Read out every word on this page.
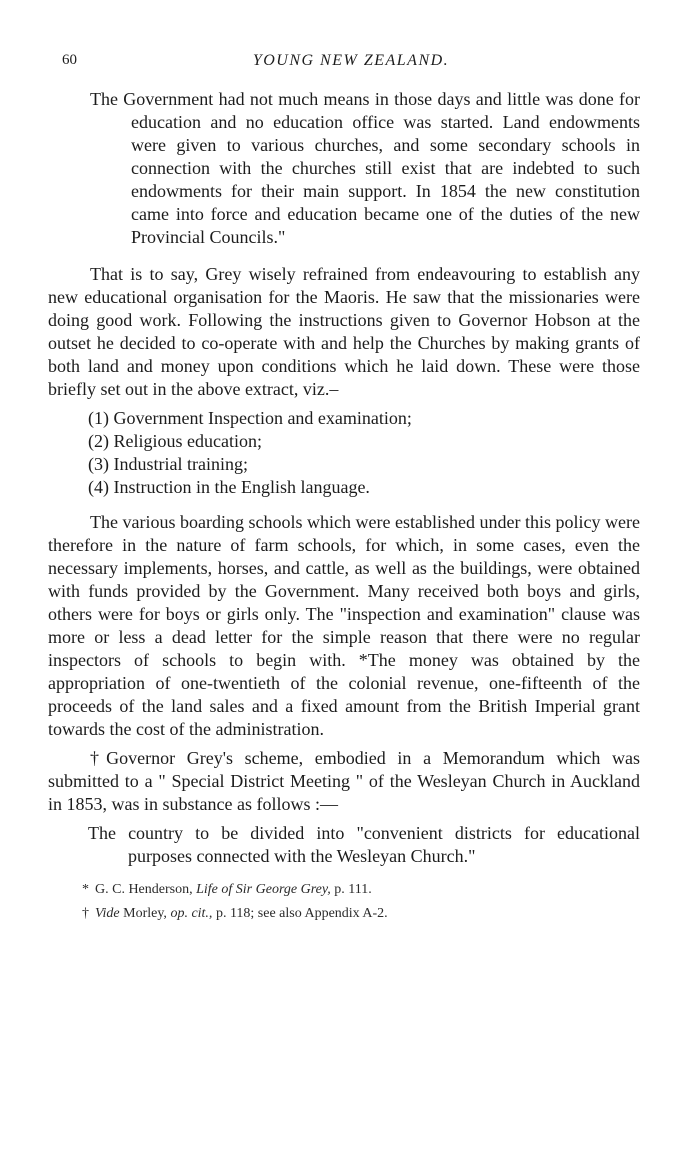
60	YOUNG NEW ZEALAND.

The Government had not much means in those days and little was done for education and no education office was started. Land endowments were given to various churches, and some secondary schools in connection with the churches still exist that are indebted to such endowments for their main support. In 1854 the new constitution came into force and education became one of the duties of the new Provincial Councils."

That is to say, Grey wisely refrained from endeavouring to establish any new educational organisation for the Maoris. He saw that the missionaries were doing good work. Following the instructions given to Governor Hobson at the outset he decided to co-operate with and help the Churches by making grants of both land and money upon conditions which he laid down. These were those briefly set out in the above extract, viz.–

(1) Government Inspection and examination;
(2) Religious education;
(3) Industrial training;
(4) Instruction in the English language.

The various boarding schools which were established under this policy were therefore in the nature of farm schools, for which, in some cases, even the necessary implements, horses, and cattle, as well as the buildings, were obtained with funds provided by the Government. Many received both boys and girls, others were for boys or girls only. The "inspection and examination" clause was more or less a dead letter for the simple reason that there were no regular inspectors of schools to begin with. *The money was obtained by the appropriation of one-twentieth of the colonial revenue, one-fifteenth of the proceeds of the land sales and a fixed amount from the British Imperial grant towards the cost of the administration.

†Governor Grey's scheme, embodied in a Memorandum which was submitted to a " Special District Meeting " of the Wesleyan Church in Auckland in 1853, was in substance as follows :—

The country to be divided into "convenient districts for educational purposes connected with the Wesleyan Church."

* G. C. Henderson, Life of Sir George Grey, p. 111.

† Vide Morley, op. cit., p. 118; see also Appendix A-2.
